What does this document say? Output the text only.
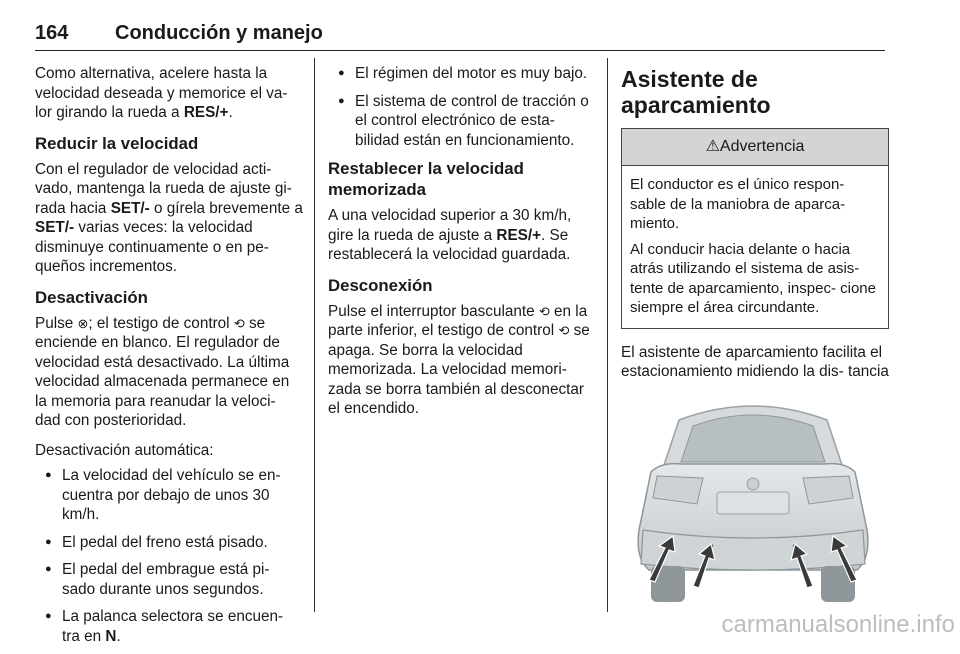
164 Conducción y manejo

Como alternativa, acelere hasta la velocidad deseada y memorice el va- lor girando la rueda a RES/+.

Reducir la velocidad

Con el regulador de velocidad acti- vado, mantenga la rueda de ajuste gi- rada hacia SET/- o gírela brevemente a SET/- varias veces: la velocidad disminuye continuamente o en pe- queños incrementos.

Desactivación

Pulse ⊗; el testigo de control ⟲ se enciende en blanco. El regulador de velocidad está desactivado. La última velocidad almacenada permanece en la memoria para reanudar la veloci- dad con posterioridad.

Desactivación automática:

● La velocidad del vehículo se en- cuentra por debajo de unos 30 km/h.
● El pedal del freno está pisado.
● El pedal del embrague está pi- sado durante unos segundos.
● La palanca selectora se encuen- tra en N.
● El régimen del motor es muy bajo.
● El sistema de control de tracción o el control electrónico de esta- bilidad están en funcionamiento.
Restablecer la velocidad memorizada

A una velocidad superior a 30 km/h, gire la rueda de ajuste a RES/+. Se restablecerá la velocidad guardada.

Desconexión

Pulse el interruptor basculante ⟲ en la parte inferior, el testigo de control ⟲ se apaga. Se borra la velocidad memorizada. La velocidad memori- zada se borra también al desconectar el encendido.

Asistente de aparcamiento
⚠Advertencia

El conductor es el único respon- sable de la maniobra de aparca- miento.

Al conducir hacia delante o hacia atrás utilizando el sistema de asis- tente de aparcamiento, inspec- cione siempre el área circundante.

El asistente de aparcamiento facilita el estacionamiento midiendo la dis- tancia

carmanualsonline.info
